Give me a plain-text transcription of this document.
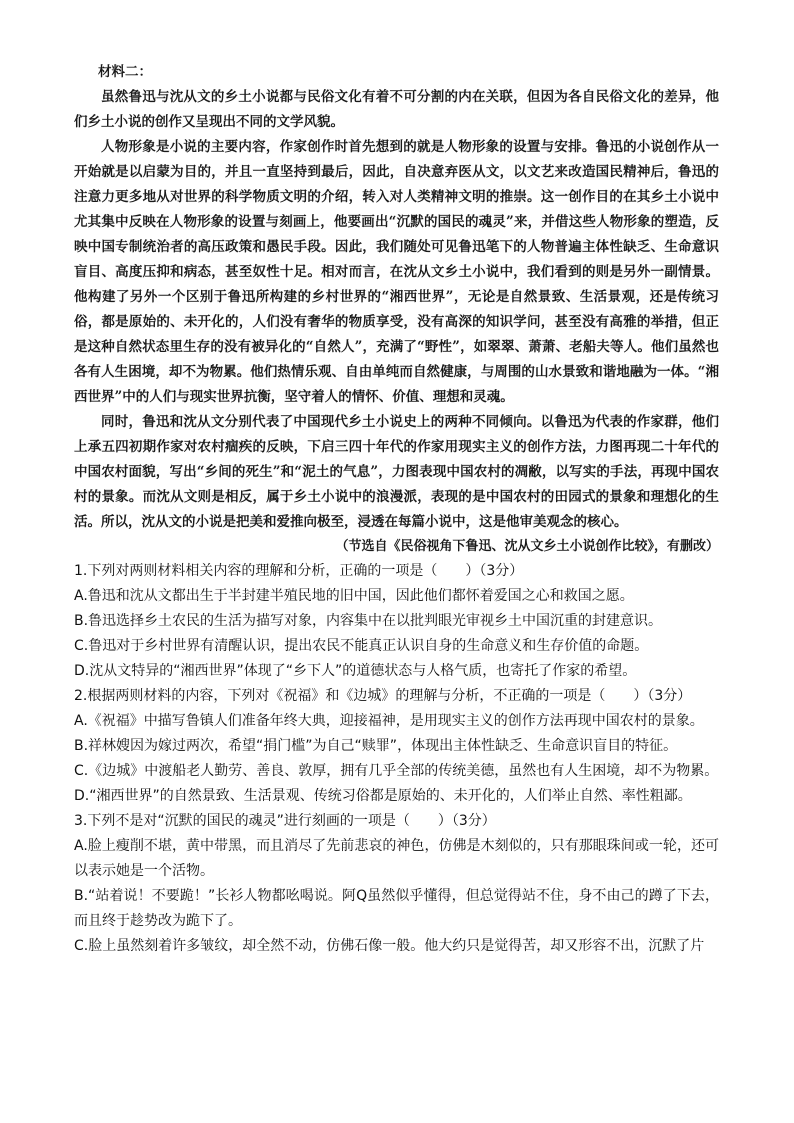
材料二：

虽然鲁迅与沈从文的乡土小说都与民俗文化有着不可分割的内在关联，但因为各自民俗文化的差异，他们乡土小说的创作又呈现出不同的文学风貌。

人物形象是小说的主要内容，作家创作时首先想到的就是人物形象的设置与安排。鲁迅的小说创作从一开始就是以启蒙为目的，并且一直坚持到最后，因此，自决意弃医从文，以文艺来改造国民精神后，鲁迅的注意力更多地从对世界的科学物质文明的介绍，转入对人类精神文明的推崇。这一创作目的在其乡土小说中尤其集中反映在人物形象的设置与刻画上，他要画出“沉默的国民的魂灵”来，并借这些人物形象的塑造，反映中国专制统治者的高压政策和愚民手段。因此，我们随处可见鲁迅笔下的人物普遍主体性缺乏、生命意识盲目、高度压抑和病态，甚至奴性十足。相对而言，在沈从文乡土小说中，我们看到的则是另外一副情景。他构建了另外一个区别于鲁迅所构建的乡村世界的“湘西世界”，无论是自然景致、生活景观，还是传统习俗，都是原始的、未开化的，人们没有奢华的物质享受，没有高深的知识学问，甚至没有高雅的举措，但正是这种自然状态里生存的没有被异化的“自然人”，充满了“野性”，如翠翠、萧萧、老船夫等人。他们虽然也各有人生困境，却不为物累。他们热情乐观、自由单纯而自然健康，与周围的山水景致和谐地融为一体。“湘西世界”中的人们与现实世界抗衡，坚守着人的情怀、价值、理想和灵魂。

同时，鲁迅和沈从文分别代表了中国现代乡土小说史上的两种不同倾向。以鲁迅为代表的作家群，他们上承五四初期作家对农村痼疾的反映，下启三四十年代的作家用现实主义的创作方法，力图再现二十年代的中国农村面貌，写出“乡间的死生”和“泥土的气息”，力图表现中国农村的凋敝，以写实的手法，再现中国农村的景象。而沈从文则是相反，属于乡土小说中的浪漫派，表现的是中国农村的田园式的景象和理想化的生活。所以，沈从文的小说是把美和爱推向极至，浸透在每篇小说中，这是他审美观念的核心。

（节选自《民俗视角下鲁迅、沈从文乡土小说创作比较》，有删改）

1.下列对两则材料相关内容的理解和分析，正确的一项是（　　）（3分）

A.鲁迅和沈从文都出生于半封建半殖民地的旧中国，因此他们都怀着爱国之心和救国之愿。

B.鲁迅选择乡土农民的生活为描写对象，内容集中在以批判眼光审视乡土中国沉重的封建意识。

C.鲁迅对于乡村世界有清醒认识，提出农民不能真正认识自身的生命意义和生存价值的命题。

D.沈从文特异的“湘西世界”体现了“乡下人”的道德状态与人格气质，也寄托了作家的希望。

2.根据两则材料的内容，下列对《祝福》和《边城》的理解与分析，不正确的一项是（　　）（3分）

A.《祝福》中描写鲁镇人们准备年终大典，迎接福神，是用现实主义的创作方法再现中国农村的景象。

B.祥林嫂因为嫁过两次，希望“捐门槛”为自己“赎罪”，体现出主体性缺乏、生命意识盲目的特征。

C.《边城》中渡船老人勤劳、善良、敦厚，拥有几乎全部的传统美德，虽然也有人生困境，却不为物累。

D.“湘西世界”的自然景致、生活景观、传统习俗都是原始的、未开化的，人们举止自然、率性粗鄙。

3.下列不是对“沉默的国民的魂灵”进行刻画的一项是（　　）（3分）

A.脸上瘦削不堪，黄中带黑，而且消尽了先前悲哀的神色，仿佛是木刻似的，只有那眼珠间或一轮，还可以表示她是一个活物。

B.“站着说！不要跪！”长衫人物都吆喝说。阿Q虽然似乎懂得，但总觉得站不住，身不由己的蹲了下去，而且终于趁势改为跪下了。

C.脸上虽然刻着许多皱纹，却全然不动，仿佛石像一般。他大约只是觉得苦，却又形容不出，沉默了片
